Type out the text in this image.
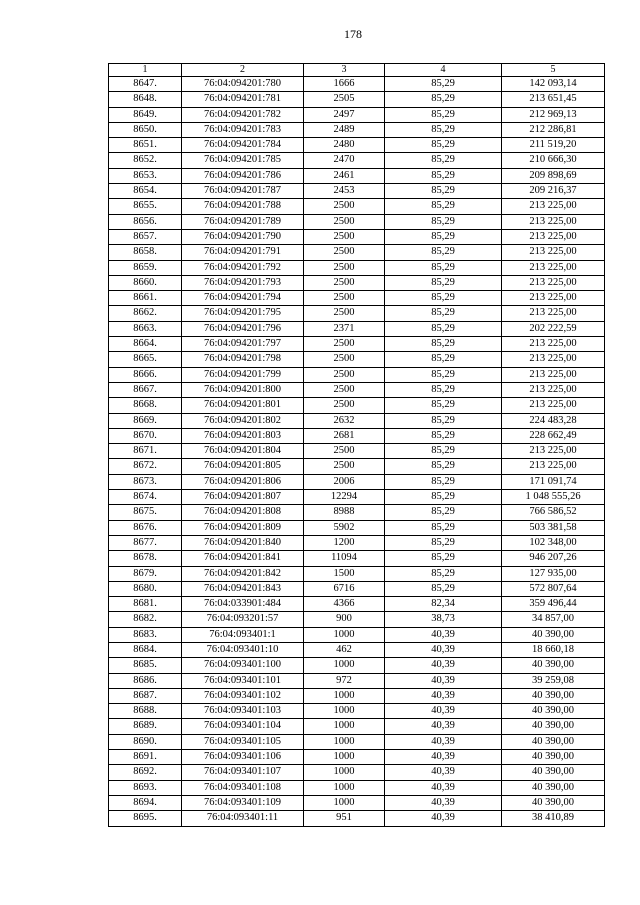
178
1	2	3	4	5
8647.	76:04:094201:780	1666	85,29	142 093,14
8648.	76:04:094201:781	2505	85,29	213 651,45
8649.	76:04:094201:782	2497	85,29	212 969,13
8650.	76:04:094201:783	2489	85,29	212 286,81
8651.	76:04:094201:784	2480	85,29	211 519,20
8652.	76:04:094201:785	2470	85,29	210 666,30
8653.	76:04:094201:786	2461	85,29	209 898,69
8654.	76:04:094201:787	2453	85,29	209 216,37
8655.	76:04:094201:788	2500	85,29	213 225,00
8656.	76:04:094201:789	2500	85,29	213 225,00
8657.	76:04:094201:790	2500	85,29	213 225,00
8658.	76:04:094201:791	2500	85,29	213 225,00
8659.	76:04:094201:792	2500	85,29	213 225,00
8660.	76:04:094201:793	2500	85,29	213 225,00
8661.	76:04:094201:794	2500	85,29	213 225,00
8662.	76:04:094201:795	2500	85,29	213 225,00
8663.	76:04:094201:796	2371	85,29	202 222,59
8664.	76:04:094201:797	2500	85,29	213 225,00
8665.	76:04:094201:798	2500	85,29	213 225,00
8666.	76:04:094201:799	2500	85,29	213 225,00
8667.	76:04:094201:800	2500	85,29	213 225,00
8668.	76:04:094201:801	2500	85,29	213 225,00
8669.	76:04:094201:802	2632	85,29	224 483,28
8670.	76:04:094201:803	2681	85,29	228 662,49
8671.	76:04:094201:804	2500	85,29	213 225,00
8672.	76:04:094201:805	2500	85,29	213 225,00
8673.	76:04:094201:806	2006	85,29	171 091,74
8674.	76:04:094201:807	12294	85,29	1 048 555,26
8675.	76:04:094201:808	8988	85,29	766 586,52
8676.	76:04:094201:809	5902	85,29	503 381,58
8677.	76:04:094201:840	1200	85,29	102 348,00
8678.	76:04:094201:841	11094	85,29	946 207,26
8679.	76:04:094201:842	1500	85,29	127 935,00
8680.	76:04:094201:843	6716	85,29	572 807,64
8681.	76:04:033901:484	4366	82,34	359 496,44
8682.	76:04:093201:57	900	38,73	34 857,00
8683.	76:04:093401:1	1000	40,39	40 390,00
8684.	76:04:093401:10	462	40,39	18 660,18
8685.	76:04:093401:100	1000	40,39	40 390,00
8686.	76:04:093401:101	972	40,39	39 259,08
8687.	76:04:093401:102	1000	40,39	40 390,00
8688.	76:04:093401:103	1000	40,39	40 390,00
8689.	76:04:093401:104	1000	40,39	40 390,00
8690.	76:04:093401:105	1000	40,39	40 390,00
8691.	76:04:093401:106	1000	40,39	40 390,00
8692.	76:04:093401:107	1000	40,39	40 390,00
8693.	76:04:093401:108	1000	40,39	40 390,00
8694.	76:04:093401:109	1000	40,39	40 390,00
8695.	76:04:093401:11	951	40,39	38 410,89
